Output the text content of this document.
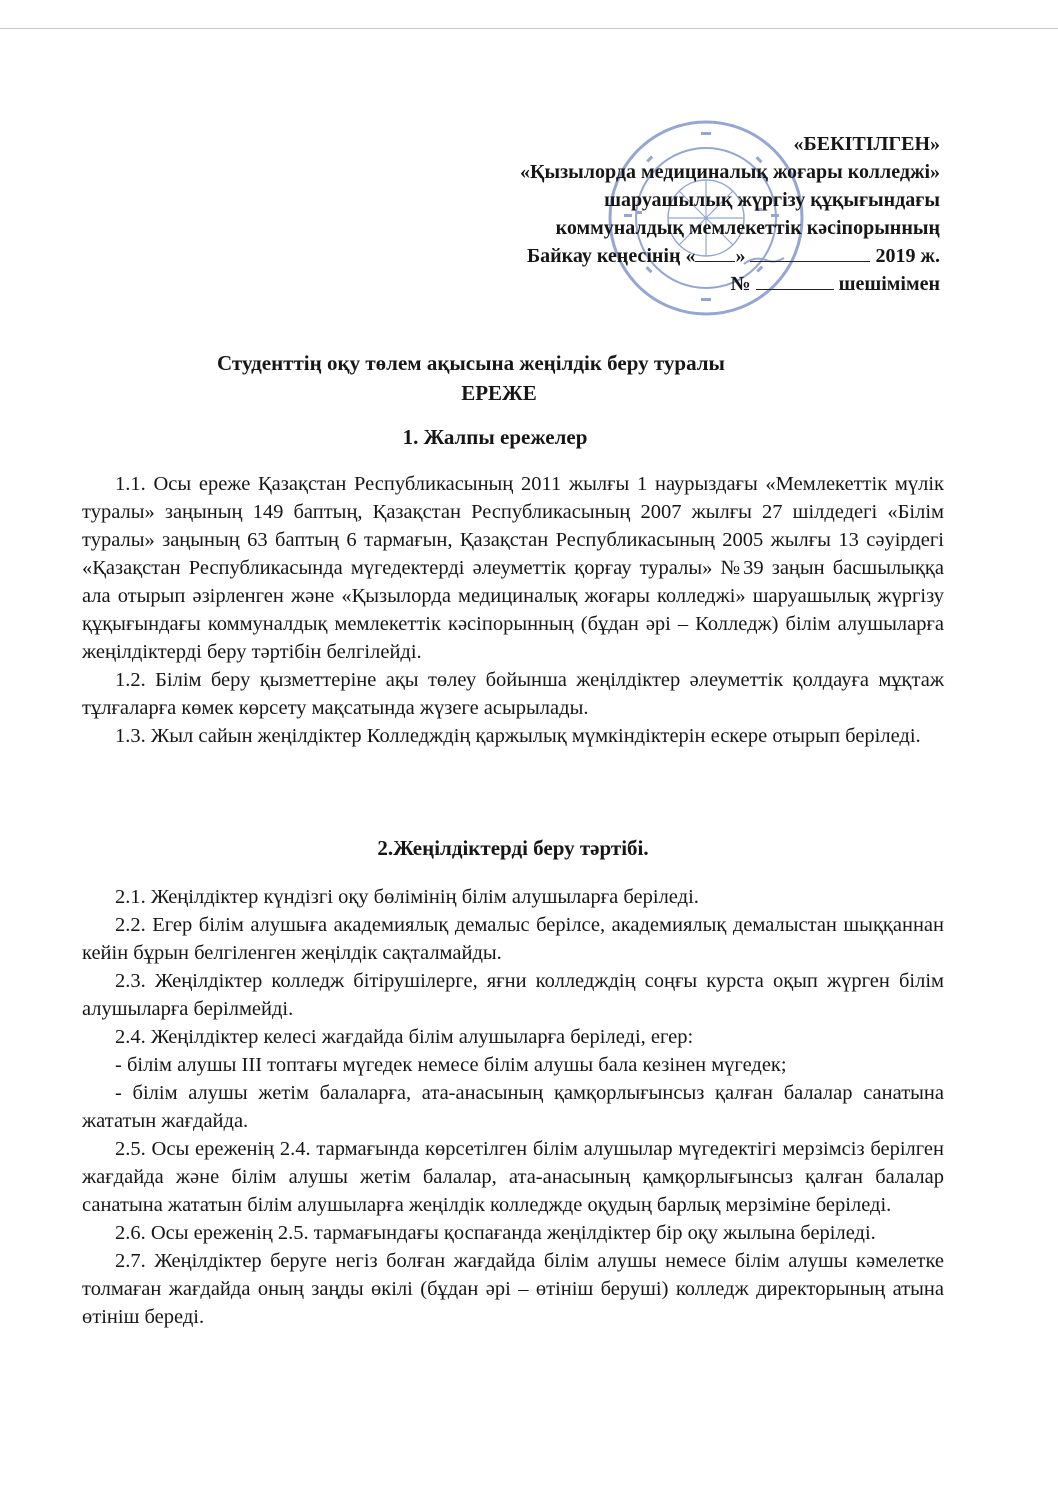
«БЕКІТІЛГЕН»
«Қызылорда медициналық жоғары колледжі»
шаруашылық жүргізу құқығындағы
коммуналдық мемлекеттік кәсіпорынның
Байкау кеңесінің « »	2019 ж.
№	шешімімен
Студенттің оқу төлем ақысына жеңілдік беру туралы
ЕРЕЖЕ
1. Жалпы ережелер

1.1. Осы ереже Қазақстан Республикасының 2011 жылғы 1 наурыздағы «Мемлекеттік мүлік туралы» заңының 149 баптың, Қазақстан Республикасының 2007 жылғы 27 шілдедегі «Білім туралы» заңының 63 баптың 6 тармағын, Қазақстан Республикасының 2005 жылғы 13 сәуірдегі «Қазақстан Республикасында мүгедектерді әлеуметтік қорғау туралы» №39 заңын басшылыққа ала отырып әзірленген және «Қызылорда медициналық жоғары колледжі» шаруашылық жүргізу құқығындағы коммуналдық мемлекеттік кәсіпорынның (бұдан әрі – Колледж) білім алушыларға жеңілдіктерді беру тәртібін белгілейді.

1.2. Білім беру қызметтеріне ақы төлеу бойынша жеңілдіктер әлеуметтік қолдауға мұқтаж тұлғаларға көмек көрсету мақсатында жүзеге асырылады.

1.3. Жыл сайын жеңілдіктер Колледждің қаржылық мүмкіндіктерін ескере отырып беріледі.

2.Жеңілдіктерді беру тәртібі.

2.1. Жеңілдіктер күндізгі оқу бөлімінің білім алушыларға беріледі.

2.2. Егер білім алушыға академиялық демалыс берілсе, академиялық демалыстан шыққаннан кейін бұрын белгіленген жеңілдік сақталмайды.

2.3. Жеңілдіктер колледж бітірушілерге, яғни колледждің соңғы курста оқып жүрген білім алушыларға берілмейді.

2.4. Жеңілдіктер келесі жағдайда білім алушыларға беріледі, егер:

- білім алушы III топтағы мүгедек немесе білім алушы бала кезінен мүгедек;

- білім алушы жетім балаларға, ата-анасының қамқорлығынсыз қалған балалар санатына жататын жағдайда.

2.5. Осы ереженің 2.4. тармағында көрсетілген білім алушылар мүгедектігі мерзімсіз берілген жағдайда және білім алушы жетім балалар, ата-анасының қамқорлығынсыз қалған балалар санатына жататын білім алушыларға жеңілдік колледжде оқудың барлық мерзіміне беріледі.

2.6. Осы ереженің 2.5. тармағындағы қоспағанда жеңілдіктер бір оқу жылына беріледі.

2.7. Жеңілдіктер беруге негіз болған жағдайда білім алушы немесе білім алушы кәмелетке толмаған жағдайда оның заңды өкілі (бұдан әрі – өтініш беруші) колледж директорының атына өтініш береді.
